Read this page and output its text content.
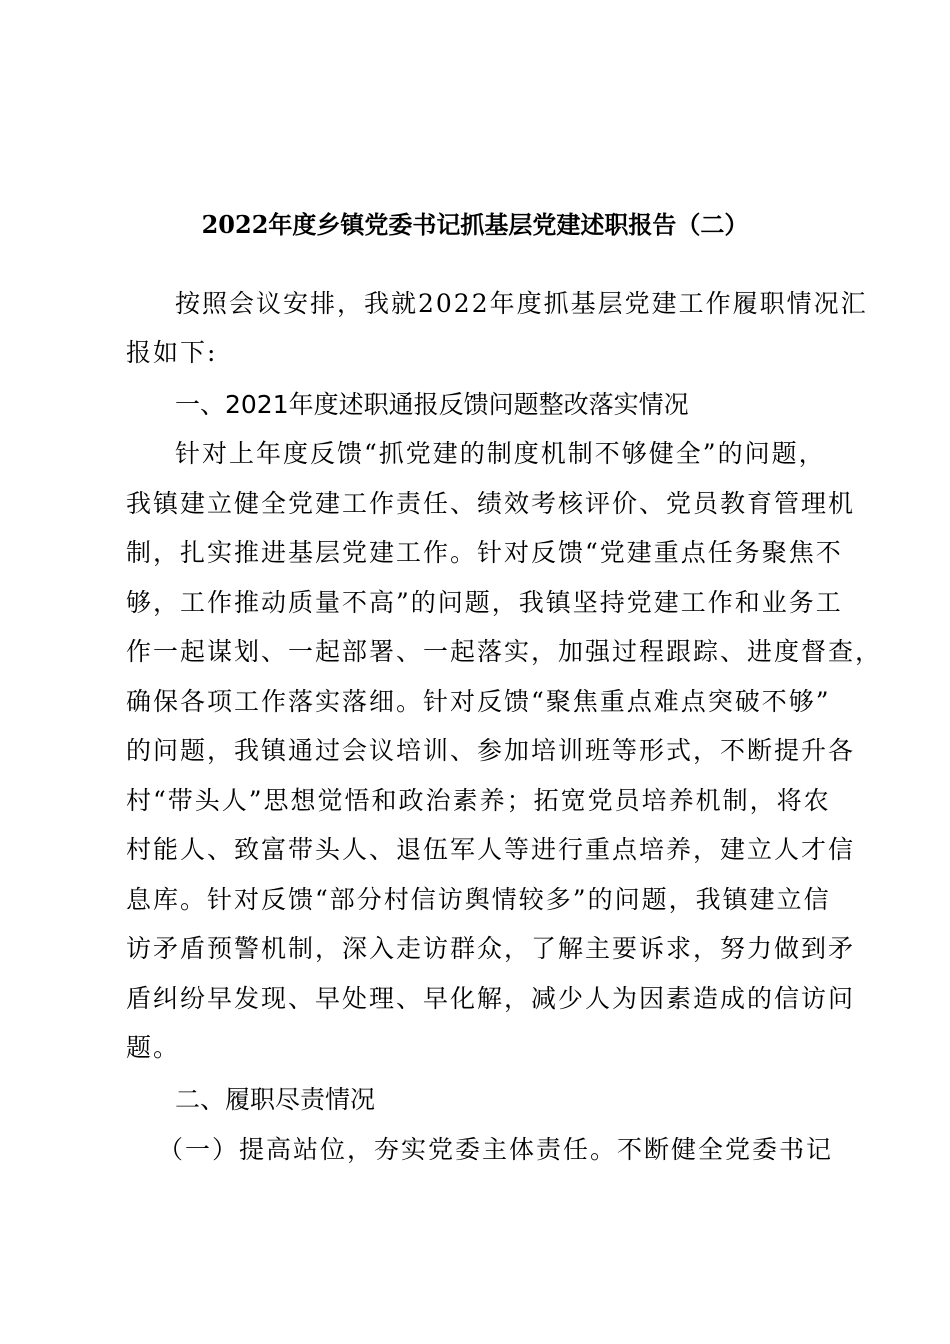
2022年度乡镇党委书记抓基层党建述职报告（二）

按照会议安排，我就2022年度抓基层党建工作履职情况汇

报如下:

一、2021年度述职通报反馈问题整改落实情况

针对上年度反馈“抓党建的制度机制不够健全”的问题，

我镇建立健全党建工作责任、绩效考核评价、党员教育管理机

制，扎实推进基层党建工作。针对反馈“党建重点任务聚焦不

够，工作推动质量不高”的问题，我镇坚持党建工作和业务工

作一起谋划、一起部署、一起落实，加强过程跟踪、进度督查，

确保各项工作落实落细。针对反馈“聚焦重点难点突破不够”

的问题，我镇通过会议培训、参加培训班等形式，不断提升各

村“带头人”思想觉悟和政治素养；拓宽党员培养机制，将农

村能人、致富带头人、退伍军人等进行重点培养，建立人才信

息库。针对反馈“部分村信访舆情较多”的问题，我镇建立信

访矛盾预警机制，深入走访群众，了解主要诉求，努力做到矛

盾纠纷早发现、早处理、早化解，减少人为因素造成的信访问

题。

二、履职尽责情况

（一）提高站位，夯实党委主体责任。不断健全党委书记
